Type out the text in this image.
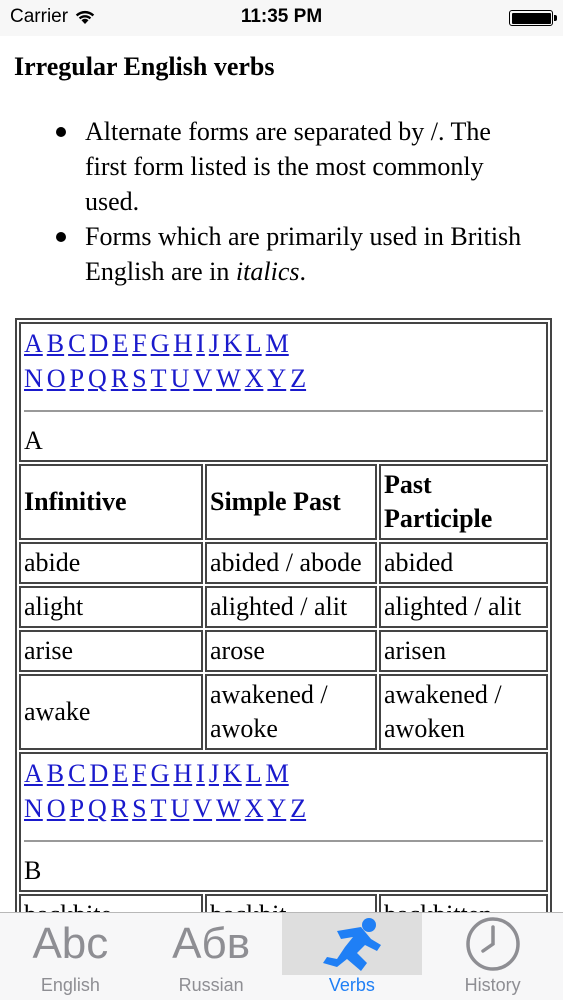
Carrier	11:35 PM
Irregular English verbs
Alternate forms are separated by /. The first form listed is the most commonly used.
Forms which are primarily used in British English are in italics.
A B C D E F G H I J K L M
N O P Q R S T U V W X Y Z
A		

Infinitive	Simple Past	Past Participle
abide	abided / abode	abided
alight	alighted / alit	alighted / alit
arise	arose	arisen
awake	awakened / awoke	awakened / awoken

A B C D E F G H I J K L M
N O P Q R S T U V W X Y Z
B		

Abc
English
Абв
Russian	Verbs	History
